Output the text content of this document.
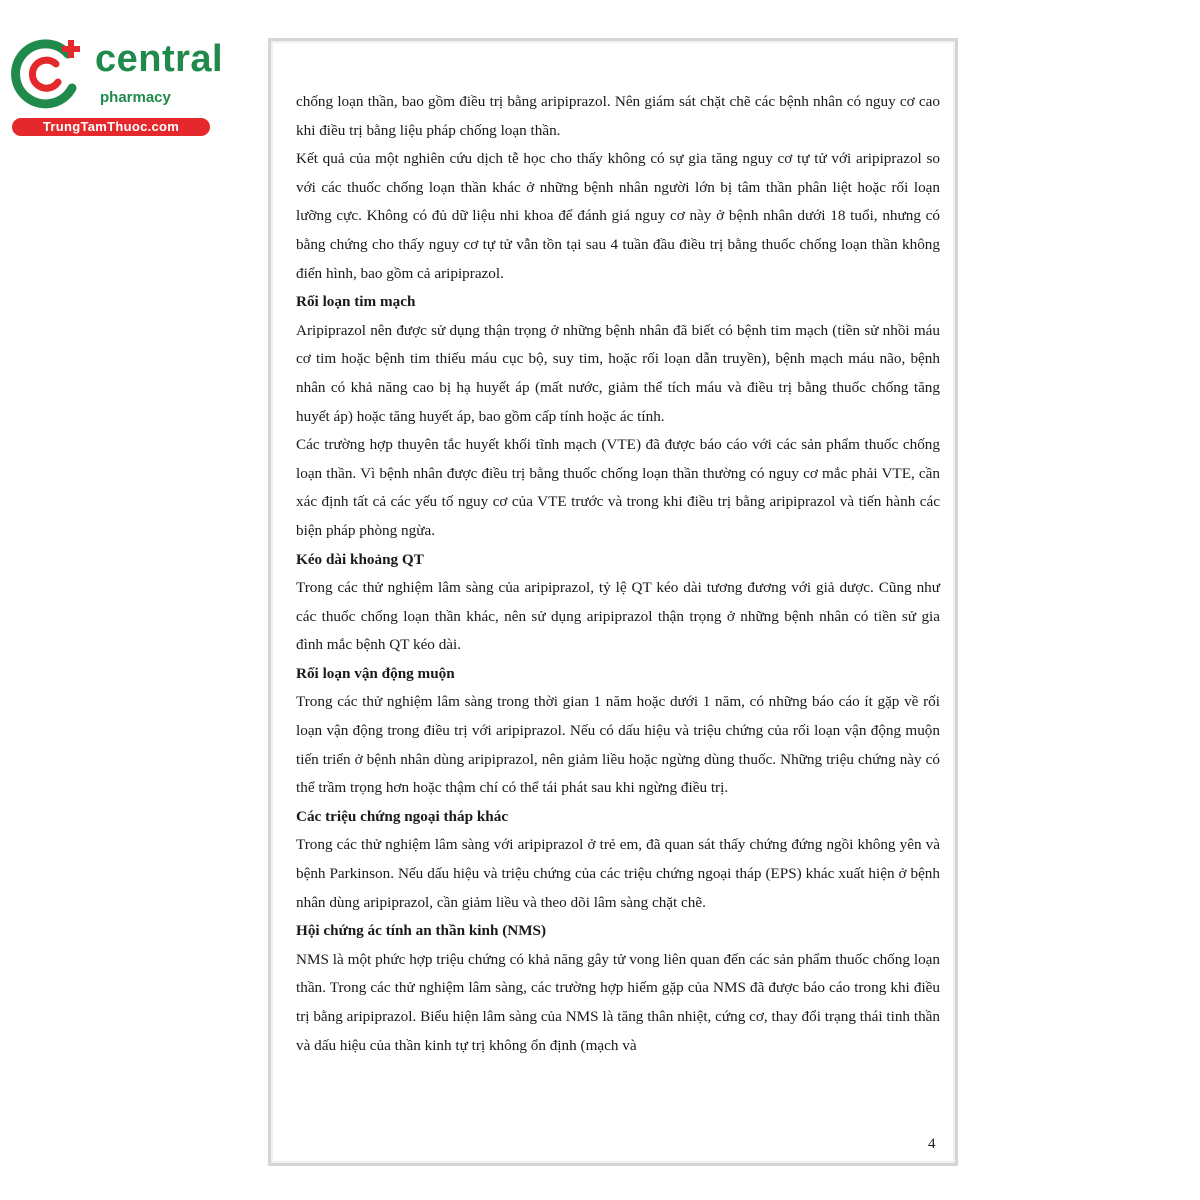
central
pharmacy
TrungTamThuoc.com

chống loạn thần, bao gồm điều trị bằng aripiprazol. Nên giám sát chặt chẽ các bệnh nhân có nguy cơ cao khi điều trị bằng liệu pháp chống loạn thần.

Kết quả của một nghiên cứu dịch tễ học cho thấy không có sự gia tăng nguy cơ tự tử với aripiprazol so với các thuốc chống loạn thần khác ở những bệnh nhân người lớn bị tâm thần phân liệt hoặc rối loạn lưỡng cực. Không có đủ dữ liệu nhi khoa để đánh giá nguy cơ này ở bệnh nhân dưới 18 tuổi, nhưng có bằng chứng cho thấy nguy cơ tự tử vẫn tồn tại sau 4 tuần đầu điều trị bằng thuốc chống loạn thần không điển hình, bao gồm cả aripiprazol.

Rối loạn tim mạch

Aripiprazol nên được sử dụng thận trọng ở những bệnh nhân đã biết có bệnh tim mạch (tiền sử nhồi máu cơ tim hoặc bệnh tim thiếu máu cục bộ, suy tim, hoặc rối loạn dẫn truyền), bệnh mạch máu não, bệnh nhân có khả năng cao bị hạ huyết áp (mất nước, giảm thể tích máu và điều trị bằng thuốc chống tăng huyết áp) hoặc tăng huyết áp, bao gồm cấp tính hoặc ác tính.

Các trường hợp thuyên tắc huyết khối tĩnh mạch (VTE) đã được báo cáo với các sản phẩm thuốc chống loạn thần. Vì bệnh nhân được điều trị bằng thuốc chống loạn thần thường có nguy cơ mắc phải VTE, cần xác định tất cả các yếu tố nguy cơ của VTE trước và trong khi điều trị bằng aripiprazol và tiến hành các biện pháp phòng ngừa.

Kéo dài khoảng QT

Trong các thử nghiệm lâm sàng của aripiprazol, tỷ lệ QT kéo dài tương đương với giả dược. Cũng như các thuốc chống loạn thần khác, nên sử dụng aripiprazol thận trọng ở những bệnh nhân có tiền sử gia đình mắc bệnh QT kéo dài.

Rối loạn vận động muộn

Trong các thử nghiệm lâm sàng trong thời gian 1 năm hoặc dưới 1 năm, có những báo cáo ít gặp về rối loạn vận động trong điều trị với aripiprazol. Nếu có dấu hiệu và triệu chứng của rối loạn vận động muộn tiến triển ở bệnh nhân dùng aripiprazol, nên giảm liều hoặc ngừng dùng thuốc. Những triệu chứng này có thể trầm trọng hơn hoặc thậm chí có thể tái phát sau khi ngừng điều trị.

Các triệu chứng ngoại tháp khác

Trong các thử nghiệm lâm sàng với aripiprazol ở trẻ em, đã quan sát thấy chứng đứng ngồi không yên và bệnh Parkinson. Nếu dấu hiệu và triệu chứng của các triệu chứng ngoại tháp (EPS) khác xuất hiện ở bệnh nhân dùng aripiprazol, cần giảm liều và theo dõi lâm sàng chặt chẽ.

Hội chứng ác tính an thần kinh (NMS)

NMS là một phức hợp triệu chứng có khả năng gây tử vong liên quan đến các sản phẩm thuốc chống loạn thần. Trong các thử nghiệm lâm sàng, các trường hợp hiếm gặp của NMS đã được báo cáo trong khi điều trị bằng aripiprazol. Biểu hiện lâm sàng của NMS là tăng thân nhiệt, cứng cơ, thay đổi trạng thái tinh thần và dấu hiệu của thần kinh tự trị không ổn định (mạch và

4
